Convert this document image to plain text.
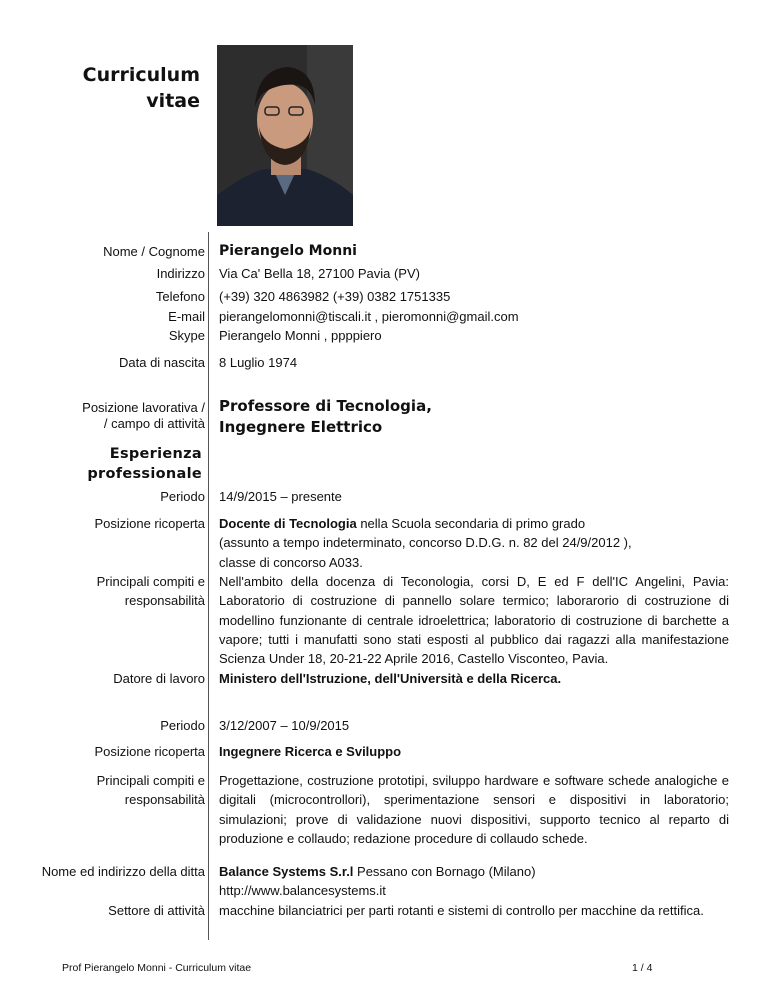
Curriculum
vitae
Nome / Cognome Pierangelo Monni
Indirizzo Via Ca' Bella 18, 27100 Pavia (PV)
Telefono (+39) 320 4863982 (+39) 0382 1751335
E-mail pierangelomonni@tiscali.it , pieromonni@gmail.com
Skype Pierangelo Monni , ppppiero
Data di nascita 8 Luglio 1974
Posizione lavorativa /
/ campo di attività
Professore di Tecnologia,
Ingegnere Elettrico
Esperienza
professionale
Periodo 14/9/2015 – presente
Posizione ricoperta Docente di Tecnologia nella Scuola secondaria di primo grado
(assunto a tempo indeterminato, concorso D.D.G. n. 82 del 24/9/2012 ),
classe di concorso A033.
Principali compiti e
responsabilità
Nell'ambito della docenza di Teconologia, corsi D, E ed F dell'IC Angelini, Pavia: Laboratorio di costruzione di pannello solare termico; laborarorio di costruzione di modellino funzionante di centrale idroelettrica; laboratorio di costruzione di barchette a vapore; tutti i manufatti sono stati esposti al pubblico dai ragazzi alla manifestazione Scienza Under 18, 20-21-22 Aprile 2016, Castello Visconteo, Pavia.
Datore di lavoro Ministero dell'Istruzione, dell'Università e della Ricerca.
Periodo 3/12/2007 – 10/9/2015
Posizione ricoperta Ingegnere Ricerca e Sviluppo
Principali compiti e
responsabilità
Progettazione, costruzione prototipi, sviluppo hardware e software schede analogiche e digitali (microcontrollori), sperimentazione sensori e dispositivi in laboratorio; simulazioni; prove di validazione nuovi dispositivi, supporto tecnico al reparto di produzione e collaudo; redazione procedure di collaudo schede.
Nome ed indirizzo della ditta Balance Systems S.r.l Pessano con Bornago (Milano)
http://www.balancesystems.it
Settore di attività macchine bilanciatrici per parti rotanti e sistemi di controllo per macchine da rettifica.
Prof Pierangelo Monni - Curriculum vitae	1 / 4
